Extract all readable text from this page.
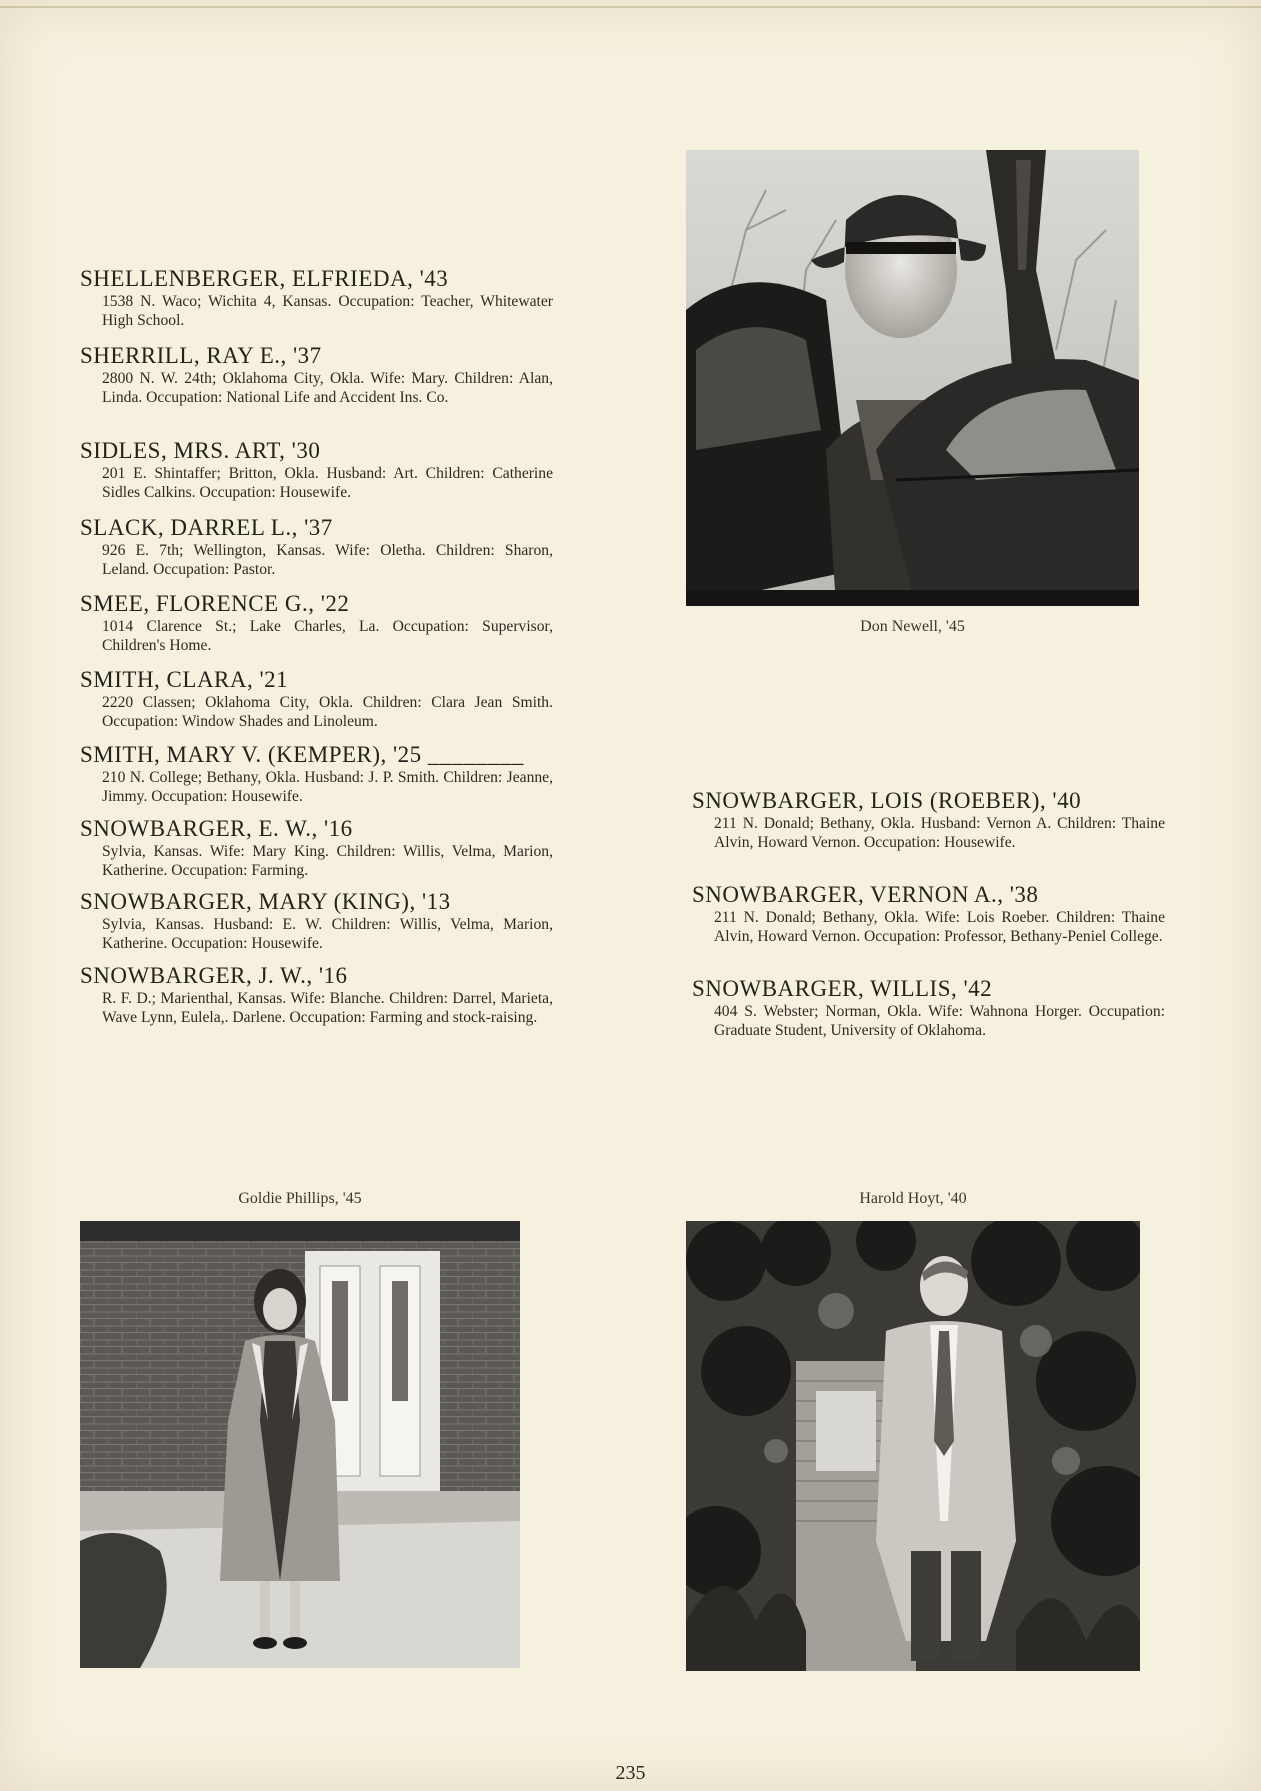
SHELLENBERGER, ELFRIEDA, '43
1538 N. Waco; Wichita 4, Kansas. Occupation: Teacher, Whitewater High School.
SHERRILL, RAY E., '37
2800 N. W. 24th; Oklahoma City, Okla. Wife: Mary. Children: Alan, Linda. Occupation: National Life and Accident Ins. Co.
SIDLES, MRS. ART, '30
201 E. Shintaffer; Britton, Okla. Husband: Art. Children: Catherine Sidles Calkins. Occupation: Housewife.
SLACK, DARREL L., '37
926 E. 7th; Wellington, Kansas. Wife: Oletha. Children: Sharon, Leland. Occupation: Pastor.
SMEE, FLORENCE G., '22
1014 Clarence St.; Lake Charles, La. Occupation: Supervisor, Children's Home.
SMITH, CLARA, '21
2220 Classen; Oklahoma City, Okla. Children: Clara Jean Smith. Occupation: Window Shades and Linoleum.
SMITH, MARY V. (KEMPER), '25 ________
210 N. College; Bethany, Okla. Husband: J. P. Smith. Children: Jeanne, Jimmy. Occupation: Housewife.
SNOWBARGER, E. W., '16
Sylvia, Kansas. Wife: Mary King. Children: Willis, Velma, Marion, Katherine. Occupation: Farming.
SNOWBARGER, MARY (KING), '13
Sylvia, Kansas. Husband: E. W. Children: Willis, Velma, Marion, Katherine. Occupation: Housewife.
SNOWBARGER, J. W., '16
R. F. D.; Marienthal, Kansas. Wife: Blanche. Children: Darrel, Marieta, Wave Lynn, Eulela,. Darlene. Occupation: Farming and stock-raising.
SNOWBARGER, LOIS (ROEBER), '40
211 N. Donald; Bethany, Okla. Husband: Vernon A. Children: Thaine Alvin, Howard Vernon. Occupation: Housewife.
SNOWBARGER, VERNON A., '38
211 N. Donald; Bethany, Okla. Wife: Lois Roeber. Children: Thaine Alvin, Howard Vernon. Occupation: Professor, Bethany-Peniel College.
SNOWBARGER, WILLIS, '42
404 S. Webster; Norman, Okla. Wife: Wahnona Horger. Occupation: Graduate Student, University of Oklahoma.
Don Newell, '45
Goldie Phillips, '45	Harold Hoyt, '40
235
